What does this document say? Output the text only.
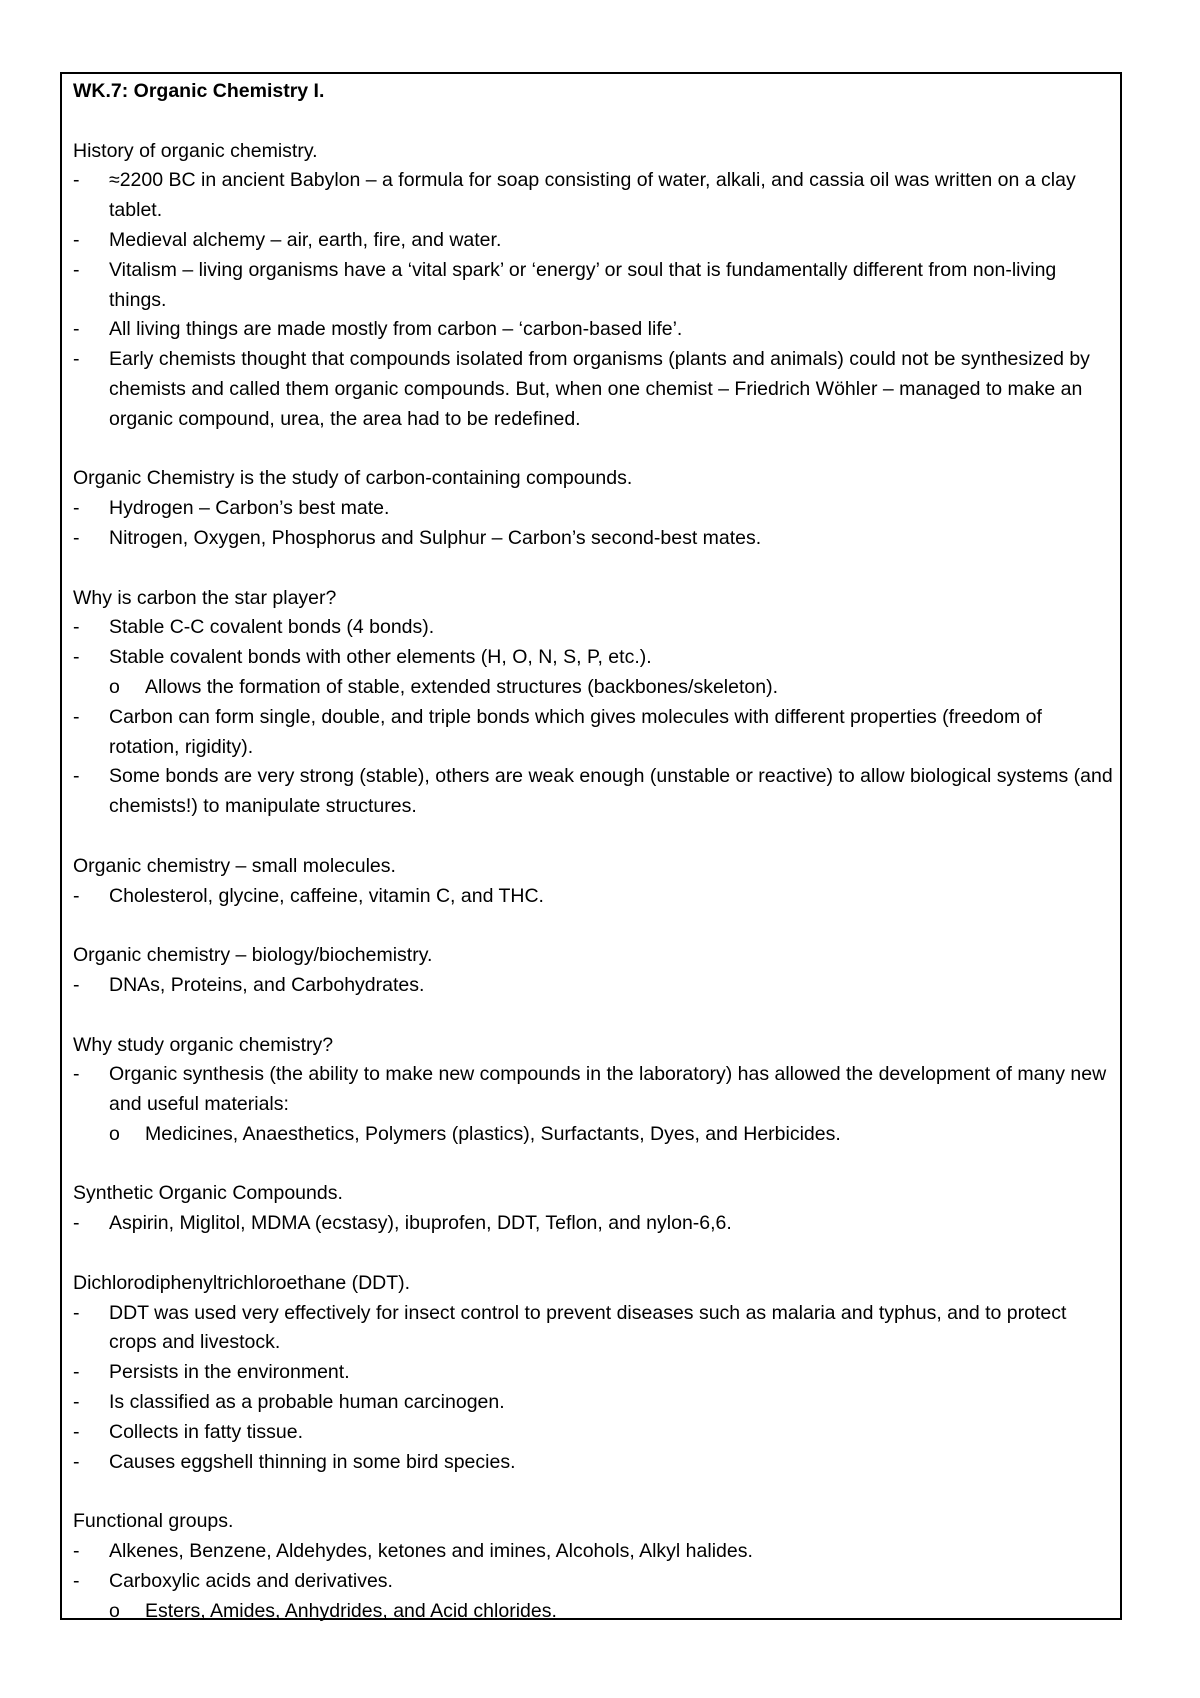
WK.7: Organic Chemistry I.

History of organic chemistry.

-	≈2200 BC in ancient Babylon – a formula for soap consisting of water, alkali, and cassia oil was written on a clay tablet.
-	Medieval alchemy – air, earth, fire, and water.
-	Vitalism – living organisms have a ‘vital spark’ or ‘energy’ or soul that is fundamentally different from non-living things.
-	All living things are made mostly from carbon – ‘carbon-based life’.
-	Early chemists thought that compounds isolated from organisms (plants and animals) could not be synthesized by chemists and called them organic compounds. But, when one chemist – Friedrich Wöhler – managed to make an organic compound, urea, the area had to be redefined.

Organic Chemistry is the study of carbon-containing compounds.

-	Hydrogen – Carbon’s best mate.
-	Nitrogen, Oxygen, Phosphorus and Sulphur – Carbon’s second-best mates.

Why is carbon the star player?

-	Stable C-C covalent bonds (4 bonds).
-	Stable covalent bonds with other elements (H, O, N, S, P, etc.).
o	Allows the formation of stable, extended structures (backbones/skeleton).
-	Carbon can form single, double, and triple bonds which gives molecules with different properties (freedom of rotation, rigidity).
-	Some bonds are very strong (stable), others are weak enough (unstable or reactive) to allow biological systems (and chemists!) to manipulate structures.

Organic chemistry – small molecules.

-	Cholesterol, glycine, caffeine, vitamin C, and THC.

Organic chemistry – biology/biochemistry.

-	DNAs, Proteins, and Carbohydrates.

Why study organic chemistry?

-	Organic synthesis (the ability to make new compounds in the laboratory) has allowed the development of many new and useful materials:
o	Medicines, Anaesthetics, Polymers (plastics), Surfactants, Dyes, and Herbicides.

Synthetic Organic Compounds.

-	Aspirin, Miglitol, MDMA (ecstasy), ibuprofen, DDT, Teflon, and nylon-6,6.

Dichlorodiphenyltrichloroethane (DDT).

-	DDT was used very effectively for insect control to prevent diseases such as malaria and typhus, and to protect crops and livestock.
-	Persists in the environment.
-	Is classified as a probable human carcinogen.
-	Collects in fatty tissue.
-	Causes eggshell thinning in some bird species.

Functional groups.

-	Alkenes, Benzene, Aldehydes, ketones and imines, Alcohols, Alkyl halides.
-	Carboxylic acids and derivatives.
o	Esters, Amides, Anhydrides, and Acid chlorides.
